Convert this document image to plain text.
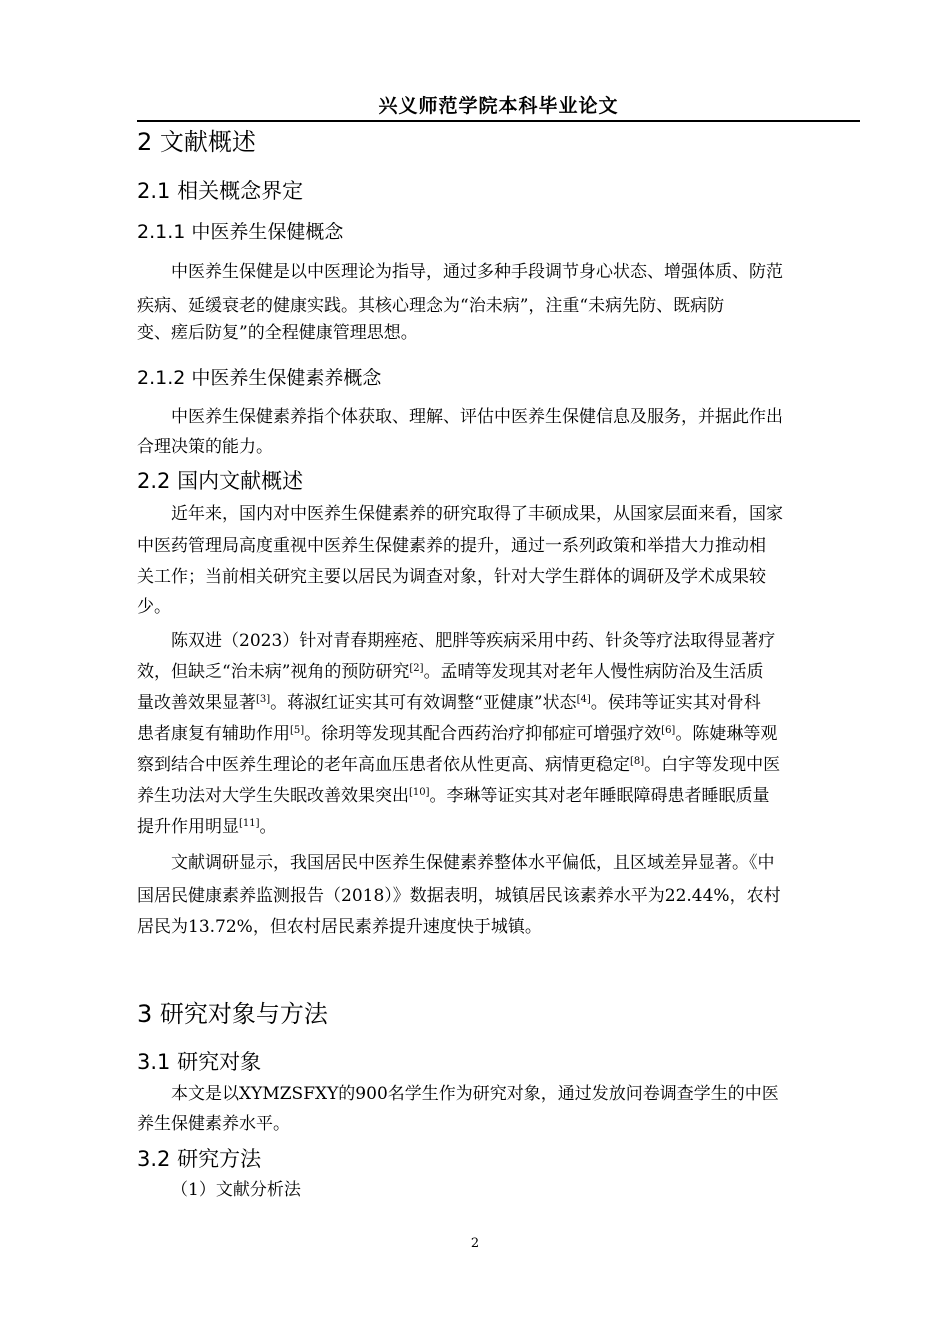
兴义师范学院本科毕业论文
2 文献概述
2.1 相关概念界定
2.1.1 中医养生保健概念
中医养生保健是以中医理论为指导，通过多种手段调节身心状态、增强体质、防范
疾病、延缓衰老的健康实践。其核心理念为“治未病”，注重“未病先防、既病防
变、瘥后防复”的全程健康管理思想。
2.1.2 中医养生保健素养概念
中医养生保健素养指个体获取、理解、评估中医养生保健信息及服务，并据此作出
合理决策的能力。
2.2 国内文献概述
近年来，国内对中医养生保健素养的研究取得了丰硕成果，从国家层面来看，国家
中医药管理局高度重视中医养生保健素养的提升，通过一系列政策和举措大力推动相
关工作；当前相关研究主要以居民为调查对象，针对大学生群体的调研及学术成果较
少。
陈双进（2023）针对青春期痤疮、肥胖等疾病采用中药、针灸等疗法取得显著疗
效，但缺乏“治未病”视角的预防研究[2]。孟晴等发现其对老年人慢性病防治及生活质
量改善效果显著[3]。蒋淑红证实其可有效调整“亚健康”状态[4]。侯玮等证实其对骨科
患者康复有辅助作用[5]。徐玥等发现其配合西药治疗抑郁症可增强疗效[6]。陈婕琳等观
察到结合中医养生理论的老年高血压患者依从性更高、病情更稳定[8]。白宇等发现中医
养生功法对大学生失眠改善效果突出[10]。李琳等证实其对老年睡眠障碍患者睡眠质量
提升作用明显[11]。
文献调研显示，我国居民中医养生保健素养整体水平偏低，且区域差异显著。《中
国居民健康素养监测报告（2018）》数据表明，城镇居民该素养水平为22.44%，农村
居民为13.72%，但农村居民素养提升速度快于城镇。
3 研究对象与方法
3.1 研究对象
本文是以XYMZSFXY的900名学生作为研究对象，通过发放问卷调查学生的中医
养生保健素养水平。
3.2 研究方法
（1）文献分析法
2
